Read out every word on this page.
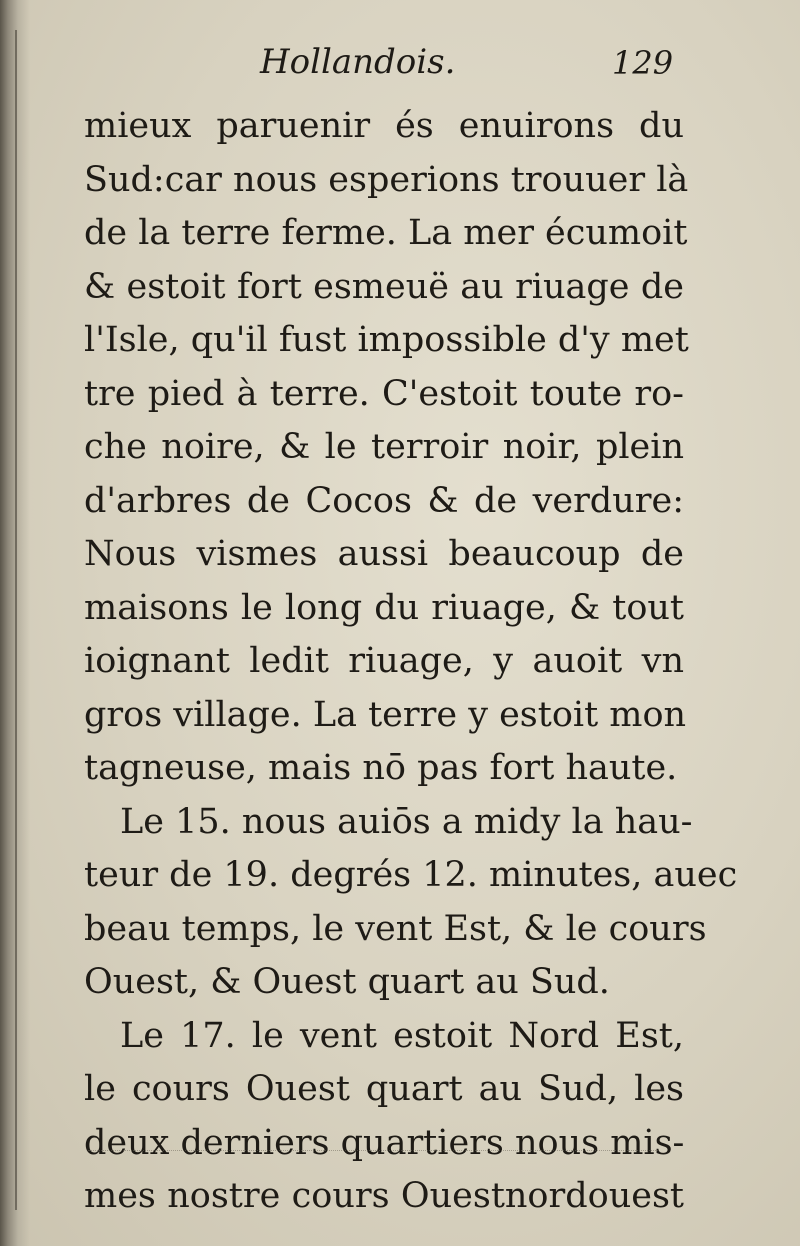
Hollandois.	129
mieux paruenir és enuirons du
Sud:car nous esperions trouuer là
de la terre ferme. La mer écumoit
& estoit fort esmeuë au riuage de
l'Isle, qu'il fust impossible d'y met
tre pied à terre. C'estoit toute ro-
che noire, & le terroir noir, plein
d'arbres de Cocos & de verdure:
Nous vismes aussi beaucoup de
maisons le long du riuage, & tout
ioignant ledit riuage, y auoit vn
gros village. La terre y estoit mon
tagneuse, mais nō pas fort haute.
Le 15. nous auiōs a midy la hau-
teur de 19. degrés 12. minutes, auec
beau temps, le vent Est, & le cours
Ouest, & Ouest quart au Sud.
Le 17. le vent estoit Nord Est,
le cours Ouest quart au Sud, les
deux derniers quartiers nous mis-
mes nostre cours Ouestnordouest
